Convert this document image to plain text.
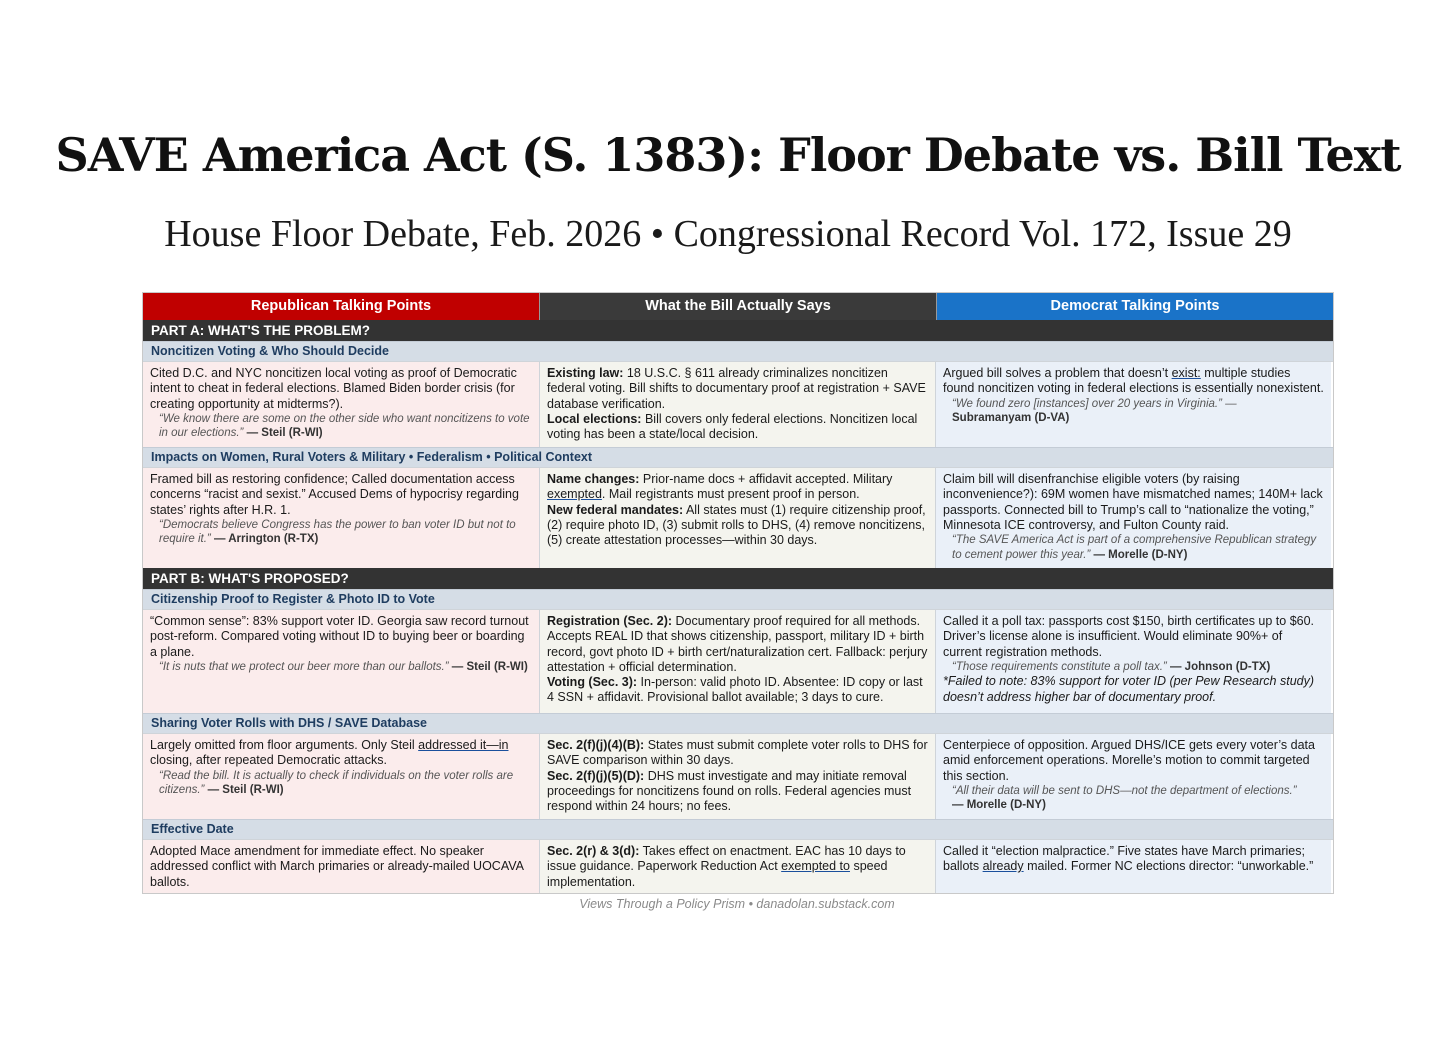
SAVE America Act (S. 1383): Floor Debate vs. Bill Text
House Floor Debate, Feb. 2026 • Congressional Record Vol. 172, Issue 29
Republican Talking Points	What the Bill Actually Says	Democrat Talking Points
PART A: WHAT'S THE PROBLEM?
Noncitizen Voting & Who Should Decide
Cited D.C. and NYC noncitizen local voting as proof of Democratic intent to cheat in federal elections. Blamed Biden border crisis (for creating opportunity at midterms?).
“We know there are some on the other side who want noncitizens to vote in our elections.” — Steil (R-WI)
Existing law: 18 U.S.C. § 611 already criminalizes noncitizen federal voting. Bill shifts to documentary proof at registration + SAVE database verification.
Local elections: Bill covers only federal elections. Noncitizen local voting has been a state/local decision.
Argued bill solves a problem that doesn’t exist: multiple studies found noncitizen voting in federal elections is essentially nonexistent.
“We found zero [instances] over 20 years in Virginia.” —
Subramanyam (D-VA)
Impacts on Women, Rural Voters & Military • Federalism • Political Context
Framed bill as restoring confidence; Called documentation access concerns “racist and sexist.” Accused Dems of hypocrisy regarding states’ rights after H.R. 1.
“Democrats believe Congress has the power to ban voter ID but not to require it.” — Arrington (R-TX)
Name changes: Prior-name docs + affidavit accepted. Military exempted. Mail registrants must present proof in person.
New federal mandates: All states must (1) require citizenship proof, (2) require photo ID, (3) submit rolls to DHS, (4) remove noncitizens, (5) create attestation processes—within 30 days.
Claim bill will disenfranchise eligible voters (by raising inconvenience?): 69M women have mismatched names; 140M+ lack passports. Connected bill to Trump’s call to “nationalize the voting,” Minnesota ICE controversy, and Fulton County raid.
“The SAVE America Act is part of a comprehensive Republican strategy to cement power this year.” — Morelle (D-NY)
PART B: WHAT'S PROPOSED?
Citizenship Proof to Register & Photo ID to Vote
“Common sense”: 83% support voter ID. Georgia saw record turnout post-reform. Compared voting without ID to buying beer or boarding a plane.
“It is nuts that we protect our beer more than our ballots.” — Steil (R-WI)
Registration (Sec. 2): Documentary proof required for all methods. Accepts REAL ID that shows citizenship, passport, military ID + birth record, govt photo ID + birth cert/naturalization cert. Fallback: perjury attestation + official determination.
Voting (Sec. 3): In-person: valid photo ID. Absentee: ID copy or last 4 SSN + affidavit. Provisional ballot available; 3 days to cure.
Called it a poll tax: passports cost $150, birth certificates up to $60. Driver’s license alone is insufficient. Would eliminate 90%+ of current registration methods.
“Those requirements constitute a poll tax.” — Johnson (D-TX)
*Failed to note: 83% support for voter ID (per Pew Research study) doesn’t address higher bar of documentary proof.
Sharing Voter Rolls with DHS / SAVE Database
Largely omitted from floor arguments. Only Steil addressed it—in closing, after repeated Democratic attacks.
“Read the bill. It is actually to check if individuals on the voter rolls are citizens.” — Steil (R-WI)
Sec. 2(f)(j)(4)(B): States must submit complete voter rolls to DHS for SAVE comparison within 30 days.
Sec. 2(f)(j)(5)(D): DHS must investigate and may initiate removal proceedings for noncitizens found on rolls. Federal agencies must respond within 24 hours; no fees.
Centerpiece of opposition. Argued DHS/ICE gets every voter’s data amid enforcement operations. Morelle’s motion to commit targeted this section.
“All their data will be sent to DHS—not the department of elections.”
— Morelle (D-NY)
Effective Date
Adopted Mace amendment for immediate effect. No speaker addressed conflict with March primaries or already-mailed UOCAVA ballots.
Sec. 2(r) & 3(d): Takes effect on enactment. EAC has 10 days to issue guidance. Paperwork Reduction Act exempted to speed implementation.
Called it “election malpractice.” Five states have March primaries; ballots already mailed. Former NC elections director: “unworkable.”
Views Through a Policy Prism • danadolan.substack.com
